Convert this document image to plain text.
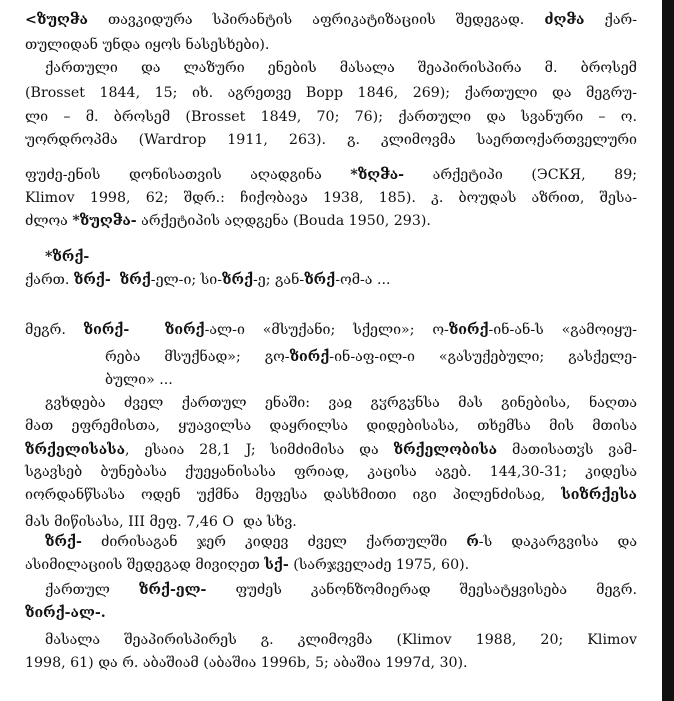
<ზუღჵა თავკიდურა სპირანტის აფრიკატიზაციის შედეგად. ძღჵა ქარ-
თულიდან უნდა იყოს ნასესხები).
ქართული და ლაზური ენების მასალა შეაპირისპირა მ. ბროსემ
(Brosset 1844, 15; იხ. აგრეთვე Bopp 1846, 269); ქართული და მეგრუ-
ლი – მ. ბროსემ (Brosset 1849, 70; 76); ქართული და სვანური – ო.
უორდროპმა (Wardrop 1911, 263). გ. კლიმოვმა საერთოქართველური
ფუძე-ენის დონისათვის აღადგინა *ზღჵა- არქეტიპი (ЭСКЯ, 89;
Klimov 1998, 62; შდრ.: ჩიქობავა 1938, 185). კ. ბოუდას აზრით, შესა-
ძლოა *ზუღჵა- არქეტიპის აღდგენა (Bouda 1950, 293).
*ზრქ-
ქართ. ზრქ- ზრქ-ელ-ი; სი-ზრქ-ე; გან-ზრქ-ომ-ა ...
მეგრ. ზირქ-	ზირქ-ალ-ი «მსუქანი; სქელი»; ო-ზირქ-ინ-ან-ს «გამოიყუ-
რება მსუქნად»; გო-ზირქ-ინ-აფ-ილ-ი «გასუქებული; გასქელე-
ბული» ...
გვხდება ძველ ქართულ ენაში: ვაჲ გჳრგჳნსა მას გინებისა, ნაღთა
მათ ეფრემისთა, ყუავილსა დაყრილსა დიდებისასა, თხემსა მის მთისა
ზრქელისასა, ესაია 28,1 J; სიმძიმისა და ზრქელობისა მათისათჳს ვამ-
სგავსებ ბუნებასა ქუეყანისასა ფრიად, კაცისა აგებ. 144,30-31; კიდესა
იორდანწსასა ოდენ უქმნა მეფესა დასხმითი იგი პილენძისაჲ, სიზრქესა
მას მიწისასა, III მეფ. 7,46 O  და სხვ.
ზრქ- ძირისაგან ჯერ კიდევ ძველ ქართულში რ-ს დაკარგვისა და
ასიმილაციის შედეგად მივიღეთ სქ- (სარჯველაძე 1975, 60).
ქართულ ზრქ-ელ- ფუძეს კანონზომიერად შეესატყვისება მეგრ.
ზირქ-ალ-.
მასალა შეაპირისპირეს გ. კლიმოვმა (Klimov 1988, 20; Klimov
1998, 61) და რ. აბაშიამ (აბაშია 1996b, 5; აბაშია 1997d, 30).
